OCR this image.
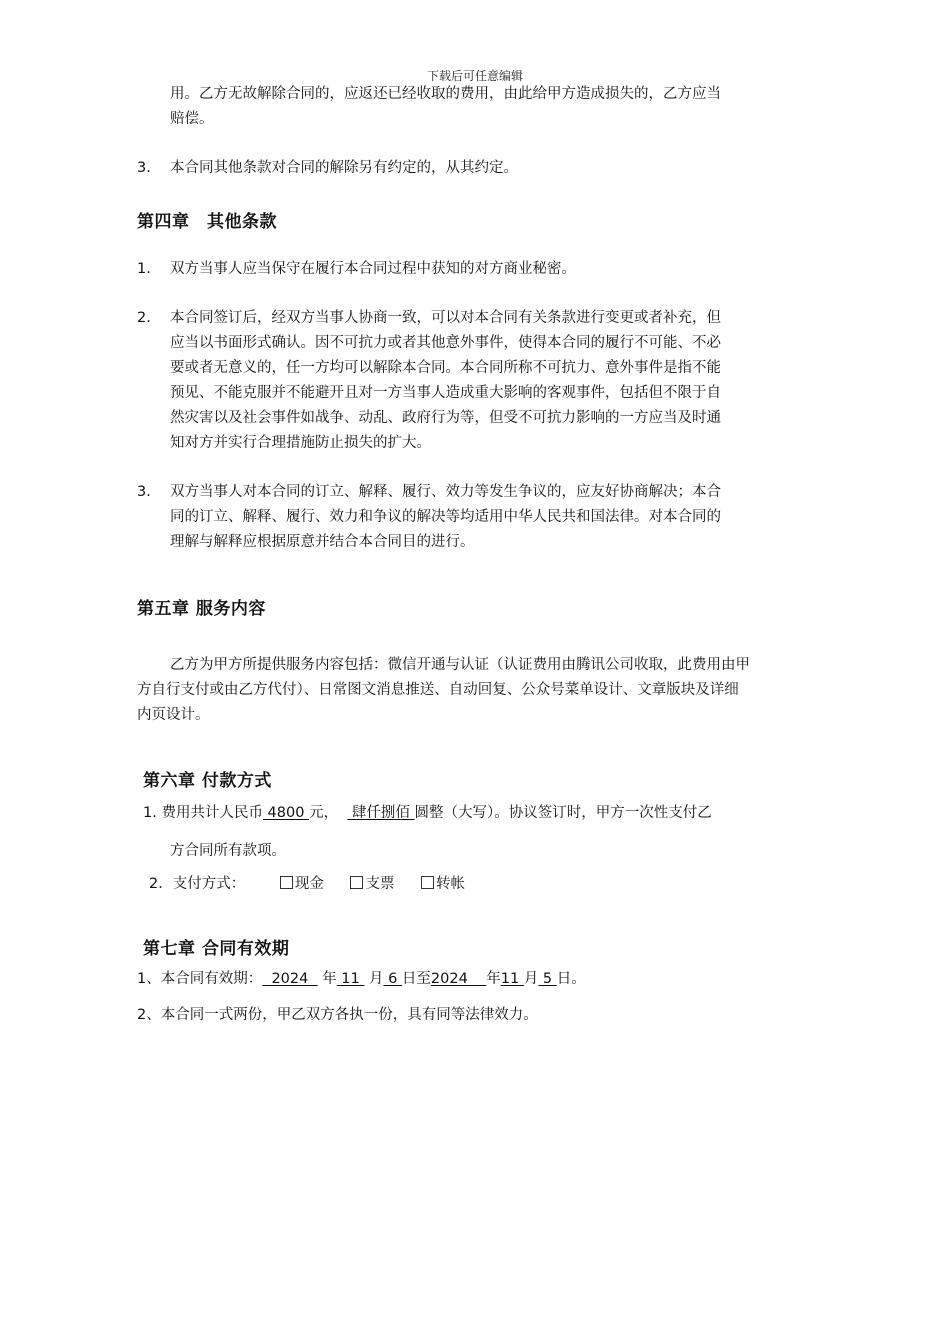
下载后可任意编辑
用。乙方无故解除合同的，应返还已经收取的费用，由此给甲方造成损失的，乙方应当
赔偿。
3. 本合同其他条款对合同的解除另有约定的，从其约定。
第四章　其他条款
1. 双方当事人应当保守在履行本合同过程中获知的对方商业秘密。
2. 本合同签订后，经双方当事人协商一致，可以对本合同有关条款进行变更或者补充，但
应当以书面形式确认。因不可抗力或者其他意外事件，使得本合同的履行不可能、不必
要或者无意义的，任一方均可以解除本合同。本合同所称不可抗力、意外事件是指不能
预见、不能克服并不能避开且对一方当事人造成重大影响的客观事件，包括但不限于自
然灾害以及社会事件如战争、动乱、政府行为等，但受不可抗力影响的一方应当及时通
知对方并实行合理措施防止损失的扩大。
3. 双方当事人对本合同的订立、解释、履行、效力等发生争议的，应友好协商解决；本合
同的订立、解释、履行、效力和争议的解决等均适用中华人民共和国法律。对本合同的
理解与解释应根据原意并结合本合同目的进行。
第五章 服务内容
乙方为甲方所提供服务内容包括：微信开通与认证（认证费用由腾讯公司收取，此费用由甲
方自行支付或由乙方代付）、日常图文消息推送、自动回复、公众号菜单设计、文章版块及详细
内页设计。
第六章 付款方式
1. 费用共计人民币 4800 元，   肆仟捌佰 圆整（大写）。协议签订时，甲方一次性支付乙
方合同所有款项。
2．支付方式：	现金	支票	转帐
第七章 合同有效期
1、本合同有效期：  2024   年 11  月 6 日至2024    年11 月 5 日。
2、本合同一式两份，甲乙双方各执一份，具有同等法律效力。
